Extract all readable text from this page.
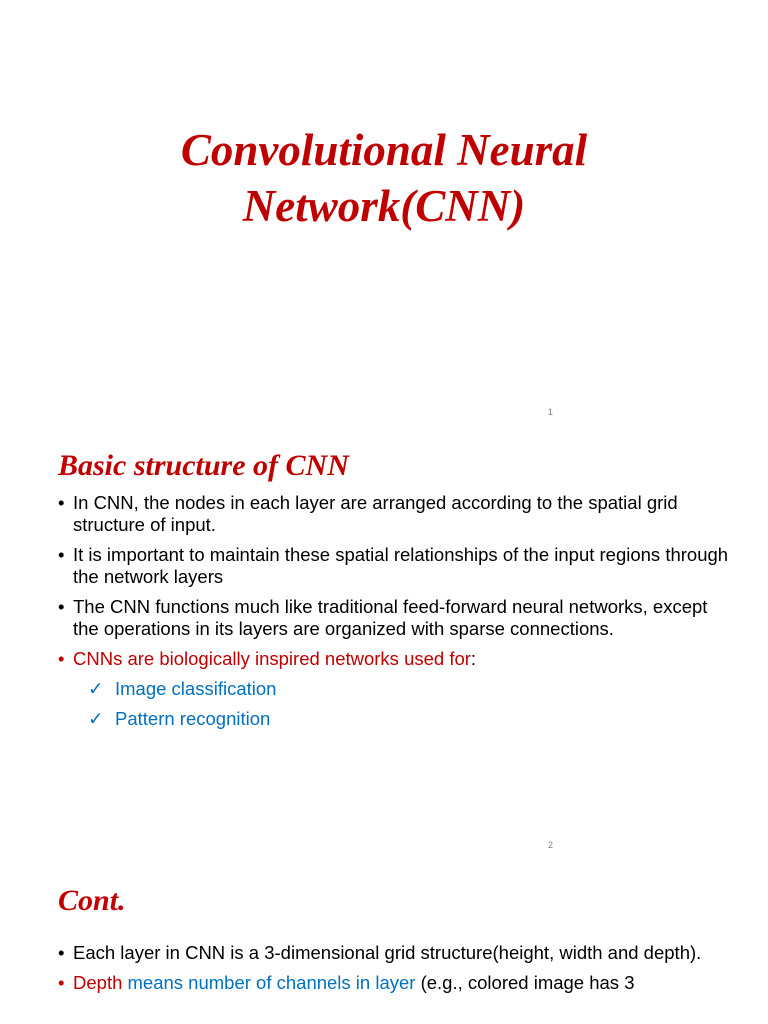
Convolutional Neural
Network(CNN)
1
Basic structure of CNN
• In CNN, the nodes in each layer are arranged according to the spatial grid structure of input.
• It is important to maintain these spatial relationships of the input regions through the network layers
• The CNN functions much like traditional feed-forward neural networks, except the operations in its layers are organized with sparse connections.
• CNNs are biologically inspired networks used for:
✓ Image classification
✓ Pattern recognition
2
Cont.
• Each layer in CNN is a 3-dimensional grid structure(height, width and depth).
• Depth means number of channels in layer (e.g., colored image has 3
